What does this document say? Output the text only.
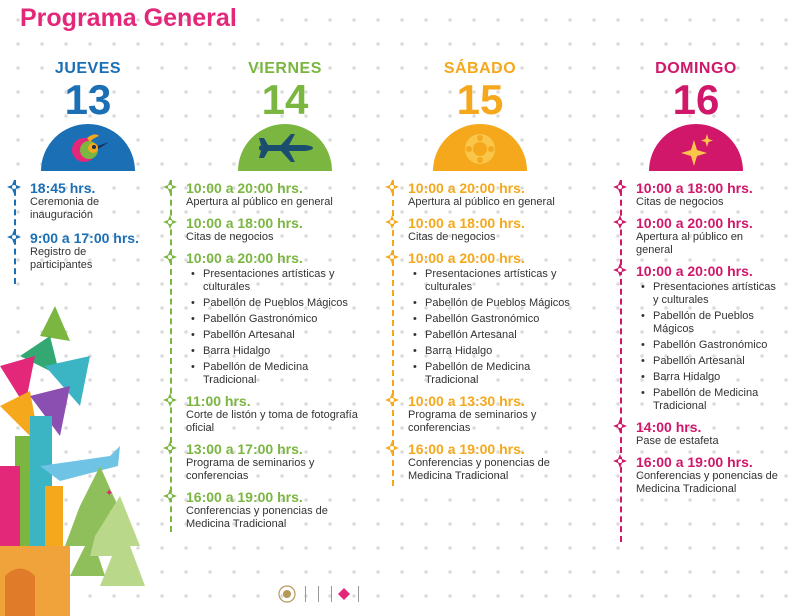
Programa General
✦
JUEVES
13
VIERNES
14
SÁBADO
15
DOMINGO
16
18:45 hrs.
Ceremonia de inauguración
9:00 a 17:00 hrs.
Registro de participantes
10:00 a 20:00 hrs.
Apertura al público en general
10:00 a 18:00 hrs.
Citas de negocios
10:00 a 20:00 hrs.
• Presentaciones artísticas y culturales
• Pabellón de Pueblos Mágicos
• Pabellón Gastronómico
• Pabellón Artesanal
• Barra Hidalgo
• Pabellón de Medicina Tradicional
11:00 hrs.
Corte de listón y toma de fotografía oficial
13:00 a 17:00 hrs.
Programa de seminarios y conferencias
16:00 a 19:00 hrs.
Conferencias y ponencias de Medicina Tradicional
10:00 a 20:00 hrs.
Apertura al público en general
10:00 a 18:00 hrs.
Citas de negocios
10:00 a 20:00 hrs.
• Presentaciones artísticas y culturales
• Pabellón de Pueblos Mágicos
• Pabellón Gastronómico
• Pabellón Artesanal
• Barra Hidalgo
• Pabellón de Medicina Tradicional
10:00 a 13:30 hrs.
Programa de seminarios y conferencias
16:00 a 19:00 hrs.
Conferencias y ponencias de Medicina Tradicional
10:00 a 18:00 hrs.
Citas de negocios
10:00 a 20:00 hrs.
Apertura al público en general
10:00 a 20:00 hrs.
• Presentaciones artísticas y culturales
• Pabellón de Pueblos Mágicos
• Pabellón Gastronómico
• Pabellón Artesanal
• Barra Hidalgo
• Pabellón de Medicina Tradicional
14:00 hrs.
Pase de estafeta
16:00 a 19:00 hrs.
Conferencias y ponencias de Medicina Tradicional
